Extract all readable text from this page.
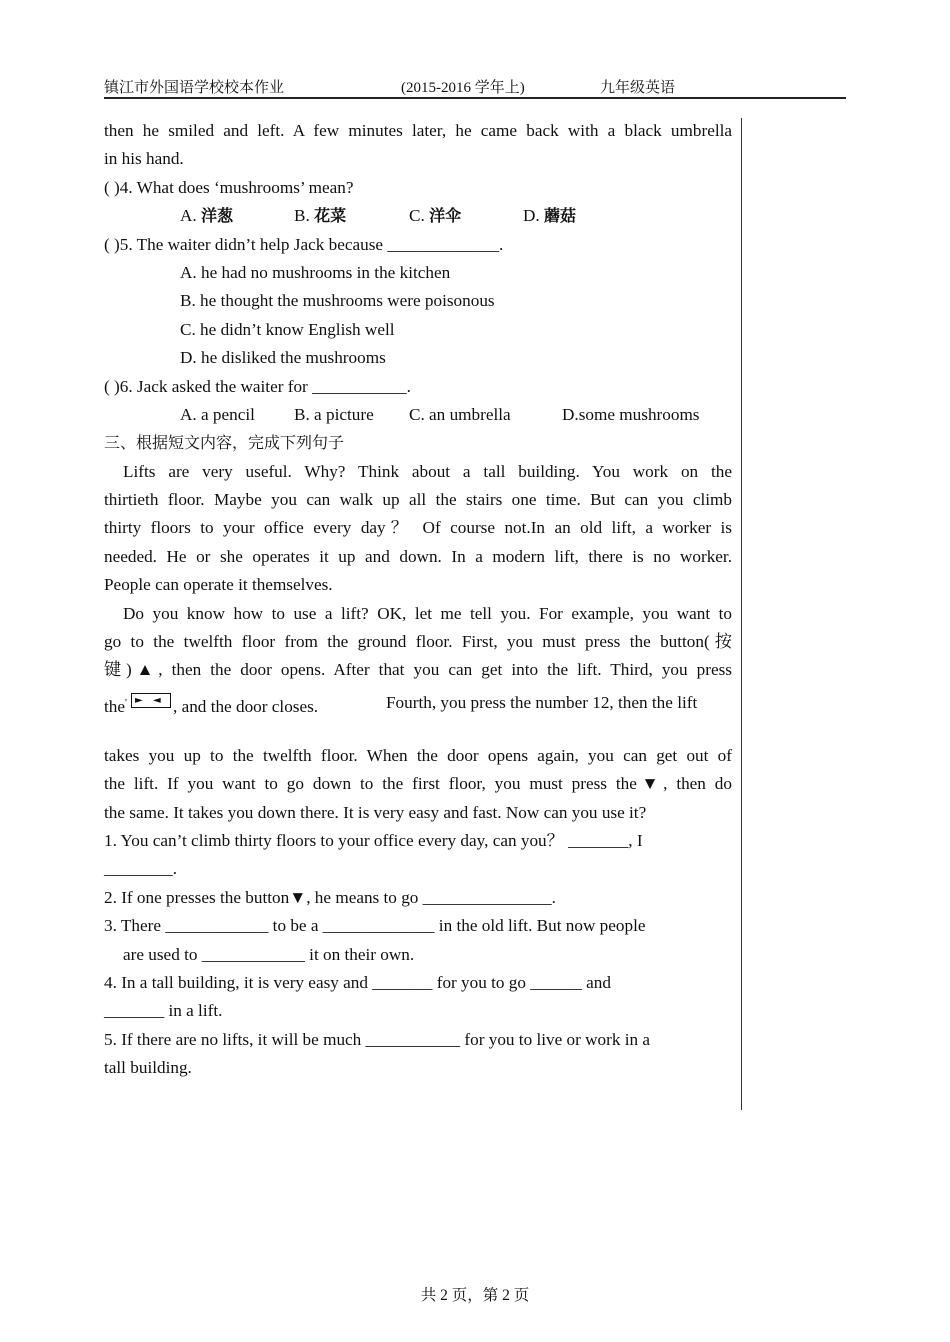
镇江市外国语学校校本作业	(2015-2016 学年上)	九年级英语
then he smiled and left. A few minutes later, he came back with a black umbrella
in his hand.
( )4. What does ‘mushrooms’ mean?
A. 洋葱	B. 花菜	C. 洋伞	D. 蘑菇
( )5. The waiter didn’t help Jack because _____________.
A. he had no mushrooms in the kitchen
B. he thought the mushrooms were poisonous
C. he didn’t know English well
D. he disliked the mushrooms
( )6. Jack asked the waiter for ___________.
A. a pencil B. a picture C. an umbrella	D.some mushrooms
三、根据短文内容，完成下列句子
Lifts are very useful. Why? Think about a tall building. You work on the
thirtieth floor. Maybe you can walk up all the stairs one time. But can you climb
thirty floors to your office every day？ Of course not.In an old lift, a worker is
needed. He or she operates it up and down. In a modern lift, there is no worker.
People can operate it themselves.
Do you know how to use a lift? OK, let me tell you. For example, you want to
go to the twelfth floor from the ground floor. First, you must press the button(按
键)▲, then the door opens. After that you can get into the lift. Third, you press
the' ► ◄ , and the door closes.	Fourth, you press the number 12, then the lift
takes you up to the twelfth floor. When the door opens again, you can get out of
the lift. If you want to go down to the first floor, you must press the▼, then do
the same. It takes you down there. It is very easy and fast. Now can you use it?
1. You can’t climb thirty floors to your office every day, can you？ _______, I
________.
2. If one presses the button▼, he means to go _______________.
3. There ____________ to be a _____________ in the old lift. But now people
are used to ____________ it on their own.
4. In a tall building, it is very easy and _______ for you to go ______ and
_______ in a lift.
5. If there are no lifts, it will be much ___________ for you to live or work in a
tall building.
共 2 页，第 2 页
